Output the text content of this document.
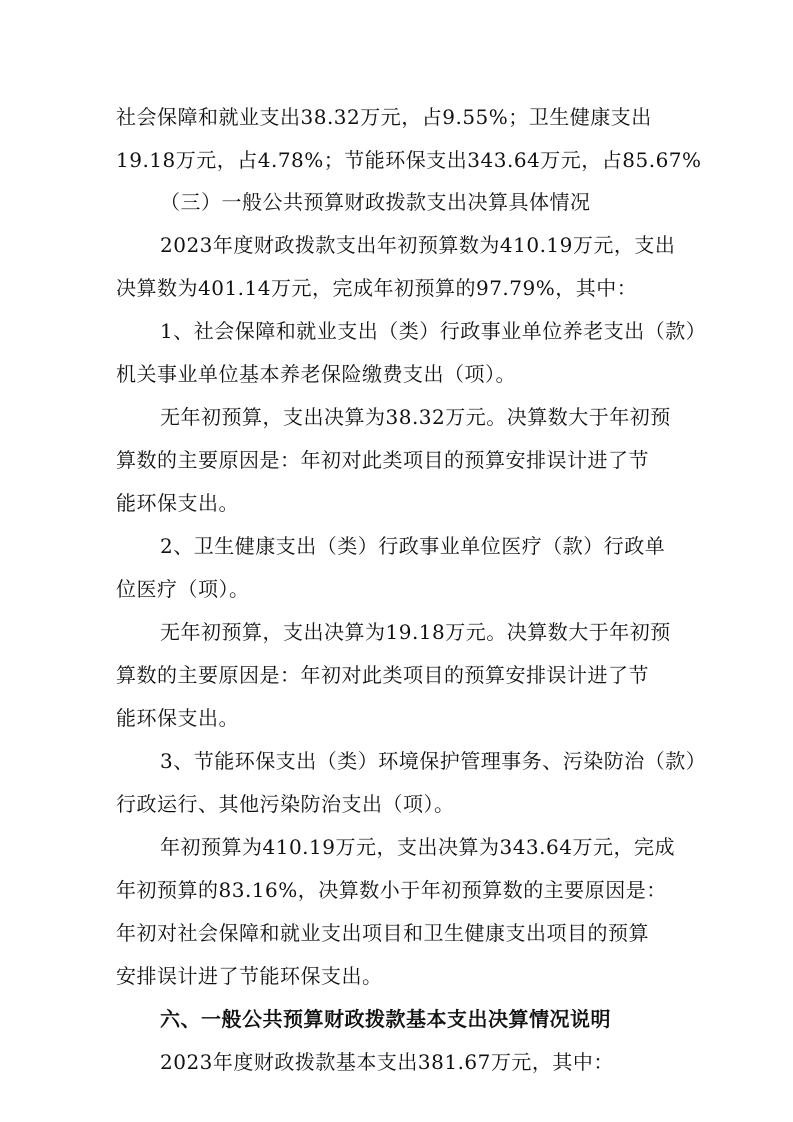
社会保障和就业支出38.32万元，占9.55%；卫生健康支出
19.18万元，占4.78%；节能环保支出343.64万元，占85.67%
（三）一般公共预算财政拨款支出决算具体情况
2023年度财政拨款支出年初预算数为410.19万元，支出
决算数为401.14万元，完成年初预算的97.79%，其中：
1、社会保障和就业支出（类）行政事业单位养老支出（款）
机关事业单位基本养老保险缴费支出（项）。
无年初预算，支出决算为38.32万元。决算数大于年初预
算数的主要原因是：年初对此类项目的预算安排误计进了节
能环保支出。
2、卫生健康支出（类）行政事业单位医疗（款）行政单
位医疗（项）。
无年初预算，支出决算为19.18万元。决算数大于年初预
算数的主要原因是：年初对此类项目的预算安排误计进了节
能环保支出。
3、节能环保支出（类）环境保护管理事务、污染防治（款）
行政运行、其他污染防治支出（项）。
年初预算为410.19万元，支出决算为343.64万元，完成
年初预算的83.16%，决算数小于年初预算数的主要原因是：
年初对社会保障和就业支出项目和卫生健康支出项目的预算
安排误计进了节能环保支出。
六、一般公共预算财政拨款基本支出决算情况说明
2023年度财政拨款基本支出381.67万元，其中：
